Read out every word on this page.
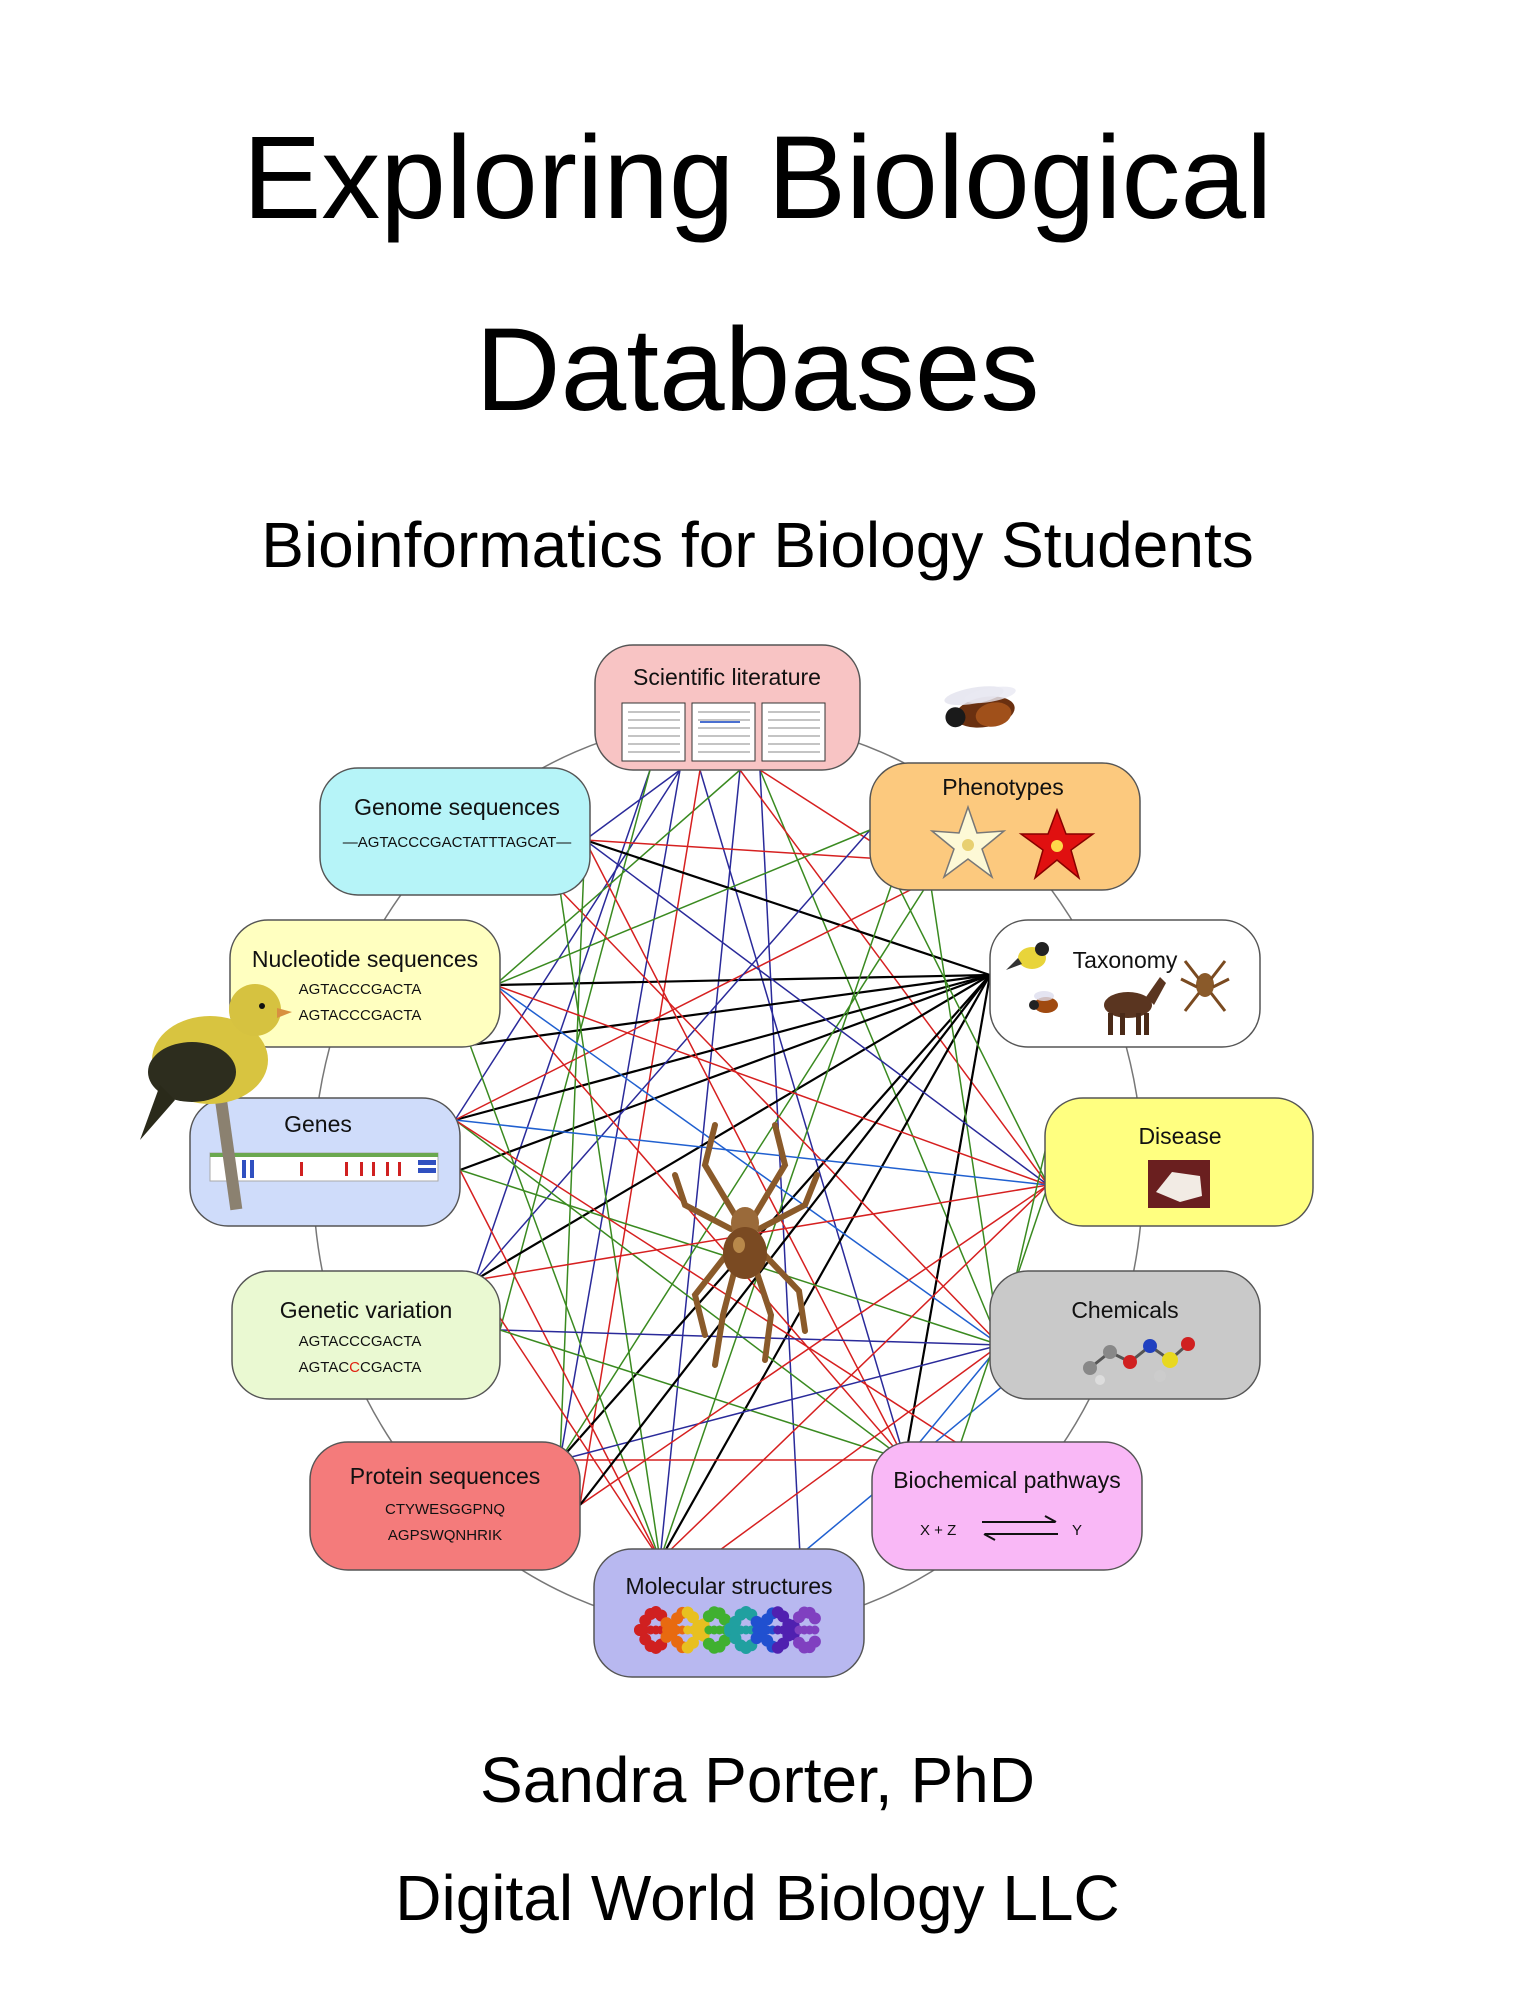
Exploring Biological
Databases
Bioinformatics for Biology Students
Scientific literature
Phenotypes
Taxonomy
Disease
Chemicals
Biochemical pathways
X + Z	Y
Molecular structures
Protein sequences
CTYWESGGPNQ
AGPSWQNHRIK
Genetic variation
AGTACCCGACTA
AGTACCCGACTA
Genes
Nucleotide sequences
AGTACCCGACTA
AGTACCCGACTA
Genome sequences
—AGTACCCGACTATTTAGCAT—
Sandra Porter, PhD
Digital World Biology LLC
